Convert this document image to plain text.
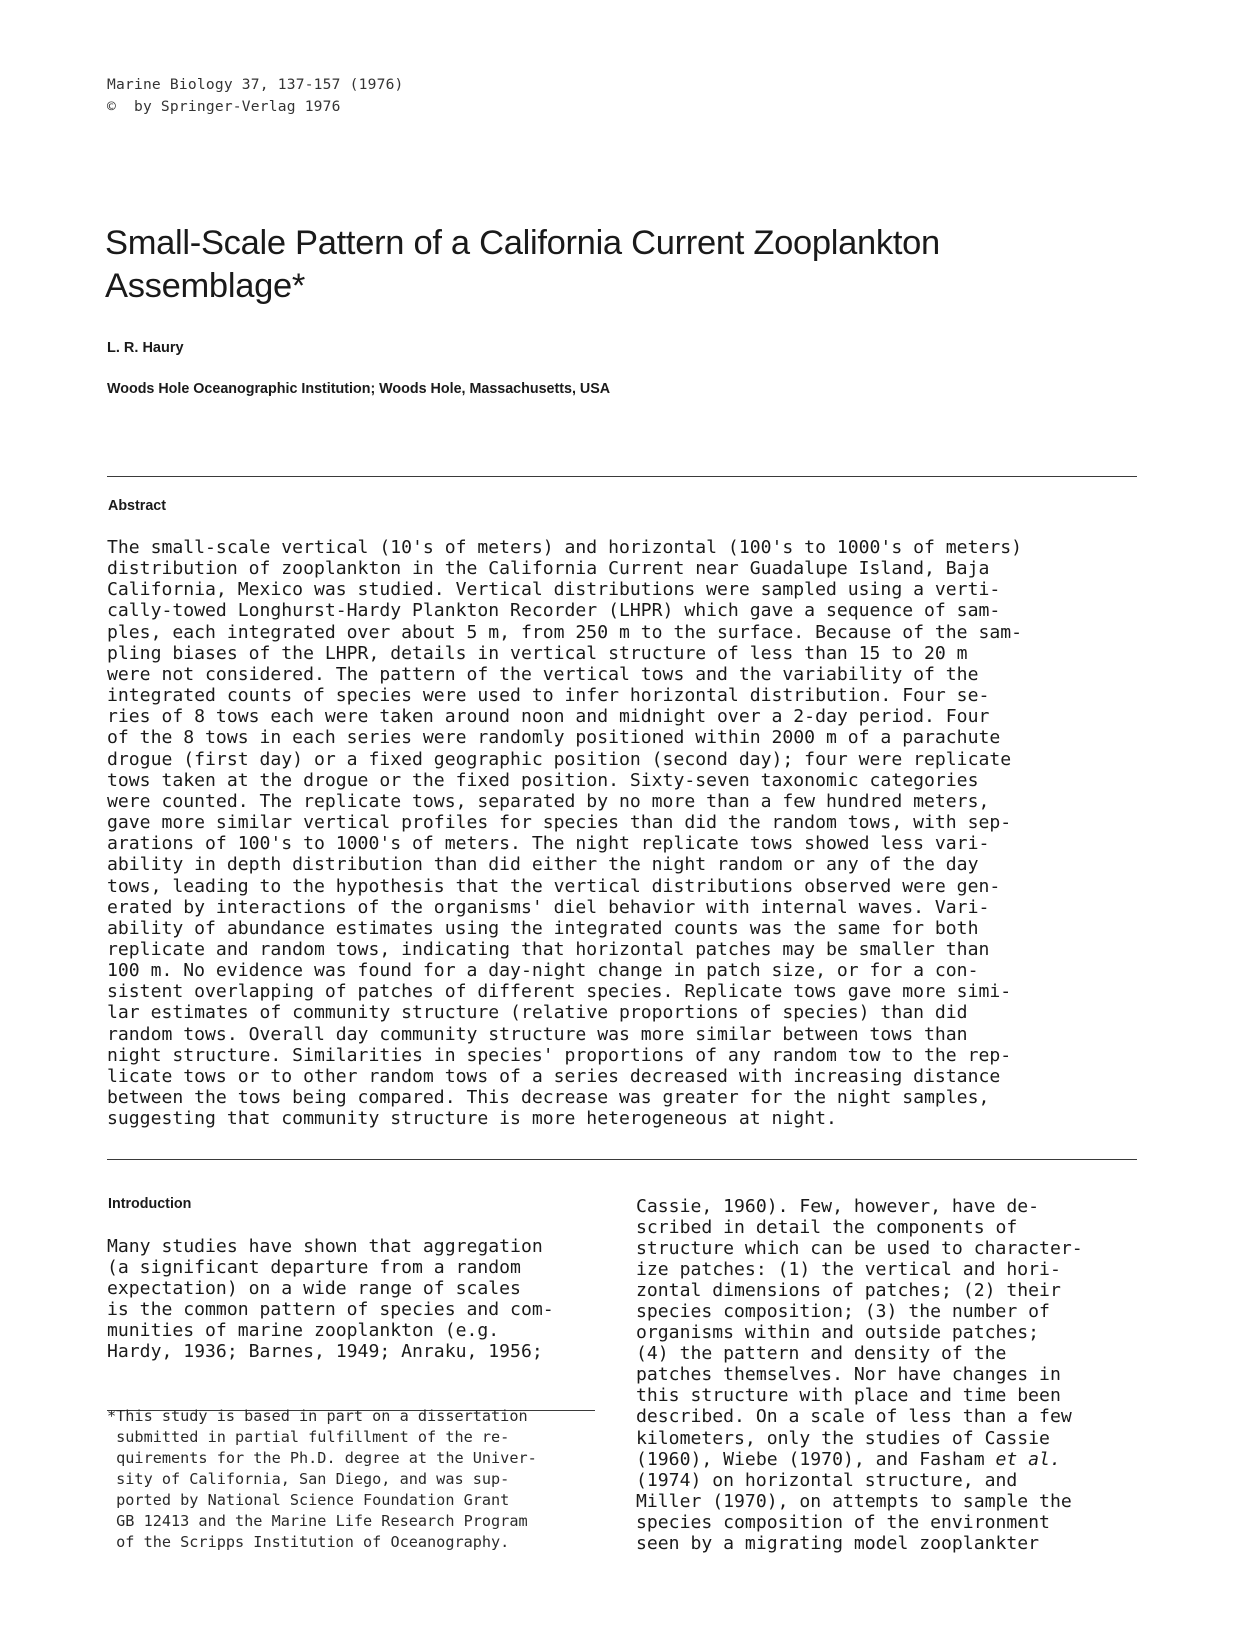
Marine Biology 37, 137-157 (1976)
©  by Springer-Verlag 1976
Small-Scale Pattern of a California Current Zooplankton
Assemblage*
L. R. Haury
Woods Hole Oceanographic Institution; Woods Hole, Massachusetts, USA
Abstract
The small-scale vertical (10's of meters) and horizontal (100's to 1000's of meters)
distribution of zooplankton in the California Current near Guadalupe Island, Baja
California, Mexico was studied. Vertical distributions were sampled using a verti-
cally-towed Longhurst-Hardy Plankton Recorder (LHPR) which gave a sequence of sam-
ples, each integrated over about 5 m, from 250 m to the surface. Because of the sam-
pling biases of the LHPR, details in vertical structure of less than 15 to 20 m
were not considered. The pattern of the vertical tows and the variability of the
integrated counts of species were used to infer horizontal distribution. Four se-
ries of 8 tows each were taken around noon and midnight over a 2-day period. Four
of the 8 tows in each series were randomly positioned within 2000 m of a parachute
drogue (first day) or a fixed geographic position (second day); four were replicate
tows taken at the drogue or the fixed position. Sixty-seven taxonomic categories
were counted. The replicate tows, separated by no more than a few hundred meters,
gave more similar vertical profiles for species than did the random tows, with sep-
arations of 100's to 1000's of meters. The night replicate tows showed less vari-
ability in depth distribution than did either the night random or any of the day
tows, leading to the hypothesis that the vertical distributions observed were gen-
erated by interactions of the organisms' diel behavior with internal waves. Vari-
ability of abundance estimates using the integrated counts was the same for both
replicate and random tows, indicating that horizontal patches may be smaller than
100 m. No evidence was found for a day-night change in patch size, or for a con-
sistent overlapping of patches of different species. Replicate tows gave more simi-
lar estimates of community structure (relative proportions of species) than did
random tows. Overall day community structure was more similar between tows than
night structure. Similarities in species' proportions of any random tow to the rep-
licate tows or to other random tows of a series decreased with increasing distance
between the tows being compared. This decrease was greater for the night samples,
suggesting that community structure is more heterogeneous at night.
Introduction
Many studies have shown that aggregation
(a significant departure from a random
expectation) on a wide range of scales
is the common pattern of species and com-
munities of marine zooplankton (e.g.
Hardy, 1936; Barnes, 1949; Anraku, 1956;
*This study is based in part on a dissertation
submitted in partial fulfillment of the re-
quirements for the Ph.D. degree at the Univer-
sity of California, San Diego, and was sup-
ported by National Science Foundation Grant
GB 12413 and the Marine Life Research Program
of the Scripps Institution of Oceanography.
Cassie, 1960). Few, however, have de-
scribed in detail the components of
structure which can be used to character-
ize patches: (1) the vertical and hori-
zontal dimensions of patches; (2) their
species composition; (3) the number of
organisms within and outside patches;
(4) the pattern and density of the
patches themselves. Nor have changes in
this structure with place and time been
described. On a scale of less than a few
kilometers, only the studies of Cassie
(1960), Wiebe (1970), and Fasham et al.
(1974) on horizontal structure, and
Miller (1970), on attempts to sample the
species composition of the environment
seen by a migrating model zooplankter
